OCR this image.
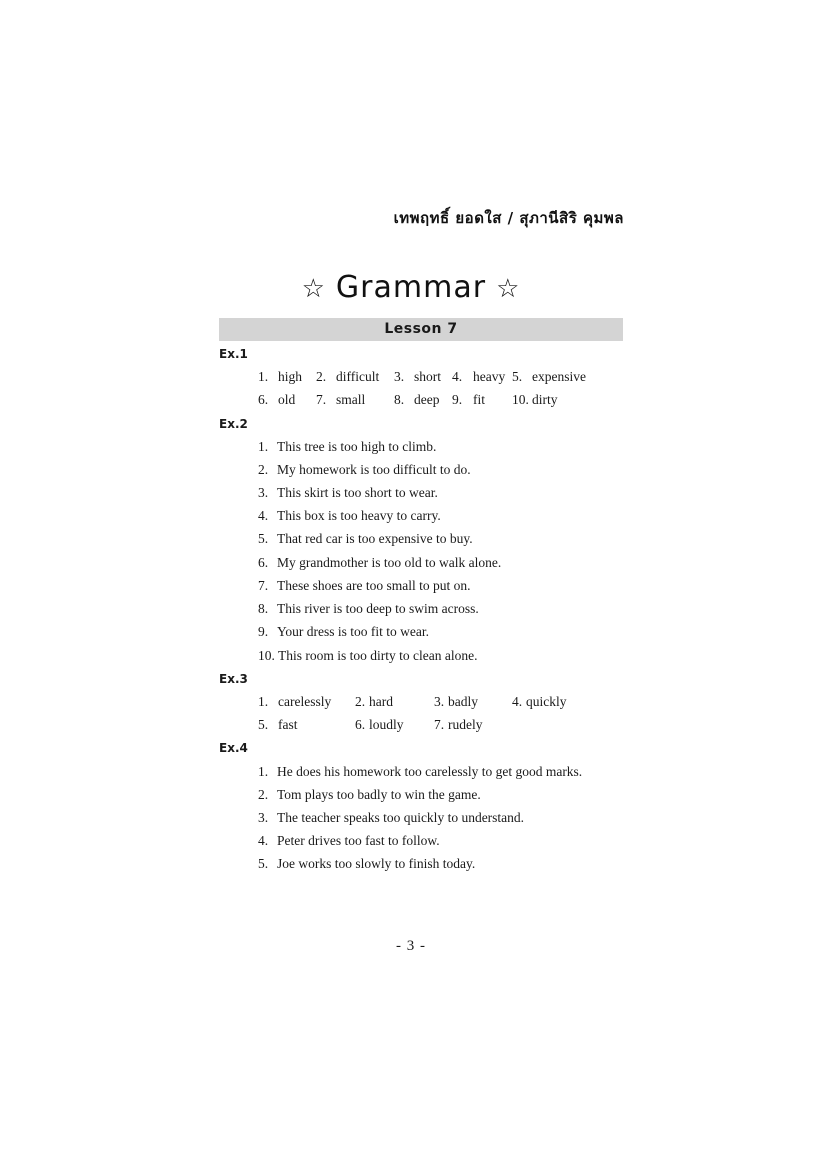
เทพฤทธิ์ ยอดใส / สุภานีสิริ คุมพล
☆ Grammar ☆
Lesson 7
Ex.1
1. high 2. difficult 3. short 4. heavy 5. expensive
6. old 7. small 8. deep 9. fit 10. dirty
Ex.2
1. This tree is too high to climb.
2. My homework is too difficult to do.
3. This skirt is too short to wear.
4. This box is too heavy to carry.
5. That red car is too expensive to buy.
6. My grandmother is too old to walk alone.
7. These shoes are too small to put on.
8. This river is too deep to swim across.
9. Your dress is too fit to wear.
10. This room is too dirty to clean alone.
Ex.3
1. carelessly 2. hard	3. badly	4. quickly
5. fast	6. loudly 7. rudely
Ex.4
1. He does his homework too carelessly to get good marks.
2. Tom plays too badly to win the game.
3. The teacher speaks too quickly to understand.
4. Peter drives too fast to follow.
5. Joe works too slowly to finish today.
- 3 -
